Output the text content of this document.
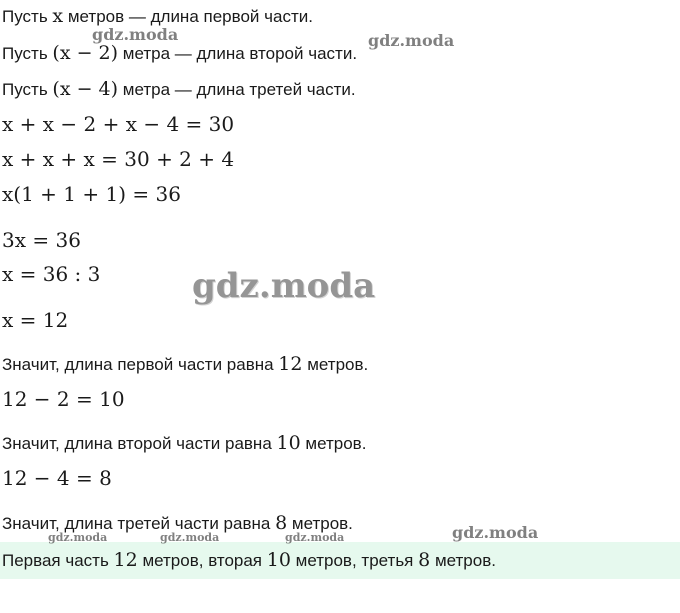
Пусть x метров — длина первой части.
Пусть (x − 2) метра — длина второй части.
Пусть (x − 4) метра — длина третей части.
x + x − 2 + x − 4 = 30
x + x + x = 30 + 2 + 4
x(1 + 1 + 1) = 36
3x = 36
x = 36 : 3
x = 12
Значит, длина первой части равна 12 метров.
12 − 2 = 10
Значит, длина второй части равна 10 метров.
12 − 4 = 8
Значит, длина третей части равна 8 метров.
Первая часть 12 метров, вторая 10 метров, третья 8 метров.
gdz.moda	gdz.moda
gdz.moda
gdz.moda
gdz.moda	gdz.moda	gdz.moda
